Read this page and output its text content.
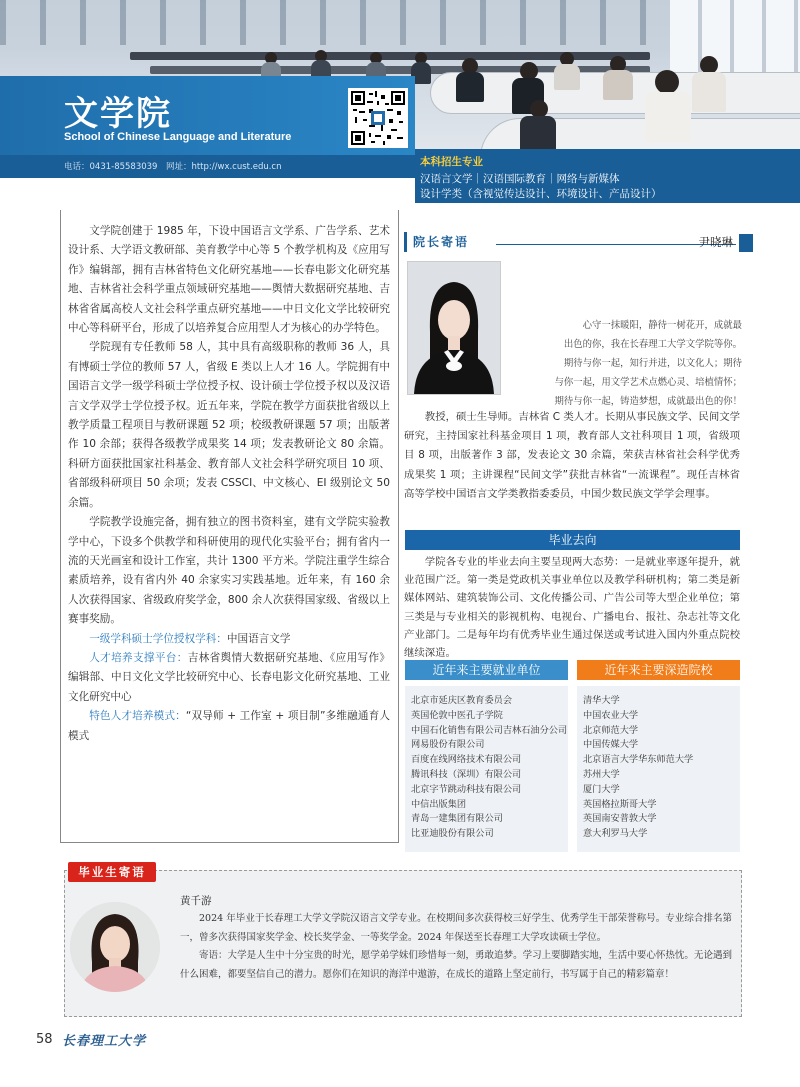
文学院
School of Chinese Language and Literature
电话：0431-85583039　网址：http://wx.cust.edu.cn	本科招生专业
汉语言文学｜汉语国际教育｜网络与新媒体
设计学类（含视觉传达设计、环境设计、产品设计）

文学院创建于 1985 年，下设中国语言文学系、广告学系、艺术设计系、大学语文教研部、美育教学中心等 5 个教学机构及《应用写作》编辑部，拥有吉林省特色文化研究基地——长春电影文化研究基地、吉林省社会科学重点领域研究基地——舆情大数据研究基地、吉林省省属高校人文社会科学重点研究基地——中日文化文学比较研究中心等科研平台，形成了以培养复合应用型人才为核心的办学特色。

学院现有专任教师 58 人，其中具有高级职称的教师 36 人，具有博硕士学位的教师 57 人，省级 E 类以上人才 16 人。学院拥有中国语言文学一级学科硕士学位授予权、设计硕士学位授予权以及汉语言文学双学士学位授予权。近五年来，学院在教学方面获批省级以上教学质量工程项目与教研课题 52 项；校级教研课题 57 项；出版著作 10 余部；获得各级教学成果奖 14 项；发表教研论文 80 余篇。科研方面获批国家社科基金、教育部人文社会科学研究项目 10 项、省部级科研项目 50 余项；发表 CSSCI、中文核心、EI 级别论文 50 余篇。

学院教学设施完备，拥有独立的图书资料室，建有文学院实验教学中心，下设多个供教学和科研使用的现代化实验平台；拥有省内一流的天光画室和设计工作室，共计 1300 平方米。学院注重学生综合素质培养，设有省内外 40 余家实习实践基地。近年来，有 160 余人次获得国家、省级政府奖学金，800 余人次获得国家级、省级以上赛事奖励。

一级学科硕士学位授权学科：中国语言文学

人才培养支撑平台：吉林省舆情大数据研究基地、《应用写作》编辑部、中日文化文学比较研究中心、长春电影文化研究基地、工业文化研究中心

特色人才培养模式：“双导师 + 工作室 + 项目制”多维融通育人模式

院长寄语	尹晓琳
心守一抹暖阳，静待一树花开，成就最
出色的你，我在长春理工大学文学院等你。
期待与你一起，知行并进，以文化人；期待
与你一起，用文学艺术点燃心灵、培植情怀；
期待与你一起，铸造梦想，成就最出色的你！
教授，硕士生导师。吉林省 C 类人才。长期从事民族文学、民间文学研究，主持国家社科基金项目 1 项，教育部人文社科项目 1 项，省级项目 8 项，出版著作 3 部，发表论文 30 余篇，荣获吉林省社会科学优秀成果奖 1 项；主讲课程“民间文学”获批吉林省“一流课程”。现任吉林省高等学校中国语言文学类教指委委员，中国少数民族文学学会理事。
毕业去向
学院各专业的毕业去向主要呈现两大态势：一是就业率逐年提升，就业范围广泛。第一类是党政机关事业单位以及教学科研机构；第二类是新媒体网站、建筑装饰公司、文化传播公司、广告公司等大型企业单位；第三类是与专业相关的影视机构、电视台、广播电台、报社、杂志社等文化产业部门。二是每年均有优秀毕业生通过保送或考试进入国内外重点院校继续深造。
近年来主要就业单位	近年来主要深造院校
北京市延庆区教育委员会
英国伦敦中医孔子学院
中国石化销售有限公司吉林石油分公司
网易股份有限公司
百度在线网络技术有限公司
腾讯科技（深圳）有限公司
北京字节跳动科技有限公司
中信出版集团
青岛一建集团有限公司
比亚迪股份有限公司
清华大学
中国农业大学
北京师范大学
中国传媒大学
北京语言大学华东师范大学
苏州大学
厦门大学
英国格拉斯哥大学
英国南安普敦大学
意大利罗马大学
毕业生寄语
黄千游

2024 年毕业于长春理工大学文学院汉语言文学专业。在校期间多次获得校三好学生、优秀学生干部荣誉称号。专业综合排名第一，曾多次获得国家奖学金、校长奖学金、一等奖学金。2024 年保送至长春理工大学攻读硕士学位。

寄语：大学是人生中十分宝贵的时光，愿学弟学妹们珍惜每一刻，勇敢追梦。学习上要脚踏实地，生活中要心怀热忱。无论遇到什么困难，都要坚信自己的潜力。愿你们在知识的海洋中遨游，在成长的道路上坚定前行，书写属于自己的精彩篇章！

58 长春理工大学
